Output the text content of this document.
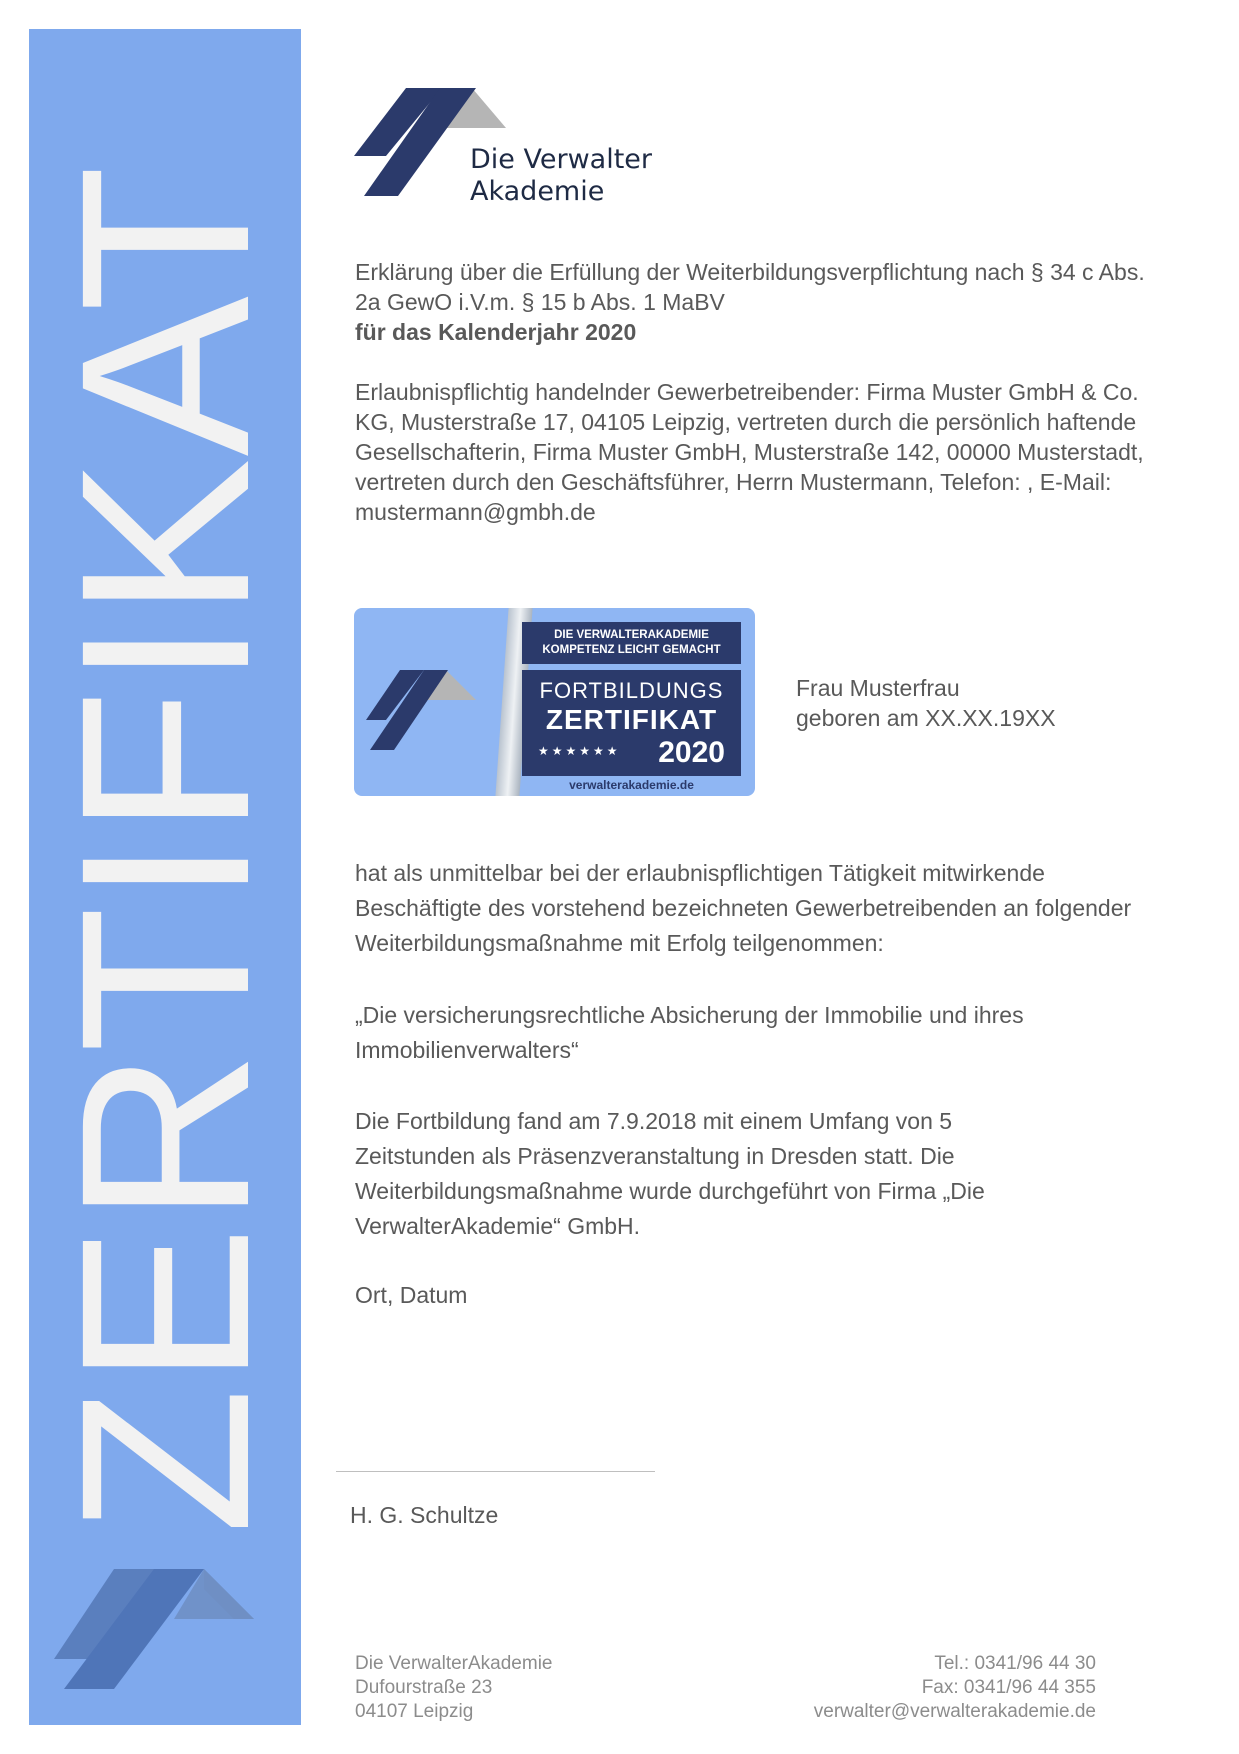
ZERTIFIKAT
Die Verwalter
Akademie

Erklärung über die Erfüllung der Weiterbildungsverpflichtung nach § 34 c Abs. 2a GewO i.V.m. § 15 b Abs. 1 MaBV

für das Kalenderjahr 2020

Erlaubnispflichtig handelnder Gewerbetreibender: Firma Muster GmbH & Co. KG, Musterstraße 17, 04105 Leipzig, vertreten durch die persönlich haftende Gesellschafterin, Firma Muster GmbH, Musterstraße 142, 00000 Musterstadt, vertreten durch den Geschäftsführer, Herrn Mustermann, Telefon: , E-Mail: mustermann@gmbh.de

DIE VERWALTERAKADEMIE
KOMPETENZ LEICHT GEMACHT
FORTBILDUNGS
ZERTIFIKAT
★★★★★★ 2020
verwalterakademie.de

Frau Musterfrau

geboren am XX.XX.19XX

hat als unmittelbar bei der erlaubnispflichtigen Tätigkeit mitwirkende Beschäftigte des vorstehend bezeichneten Gewerbetreibenden an folgender Weiterbildungsmaßnahme mit Erfolg teilgenommen:

„Die versicherungsrechtliche Absicherung der Immobilie und ihres Immobilienverwalters“

Die Fortbildung fand am 7.9.2018 mit einem Umfang von 5 Zeitstunden als Präsenzveranstaltung in Dresden statt. Die Weiterbildungsmaßnahme wurde durchgeführt von Firma „Die VerwalterAkademie“ GmbH.

Ort, Datum
H. G. Schultze
Die VerwalterAkademie
Dufourstraße 23
04107 Leipzig
Tel.: 0341/96 44 30
Fax: 0341/96 44 355
verwalter@verwalterakademie.de
